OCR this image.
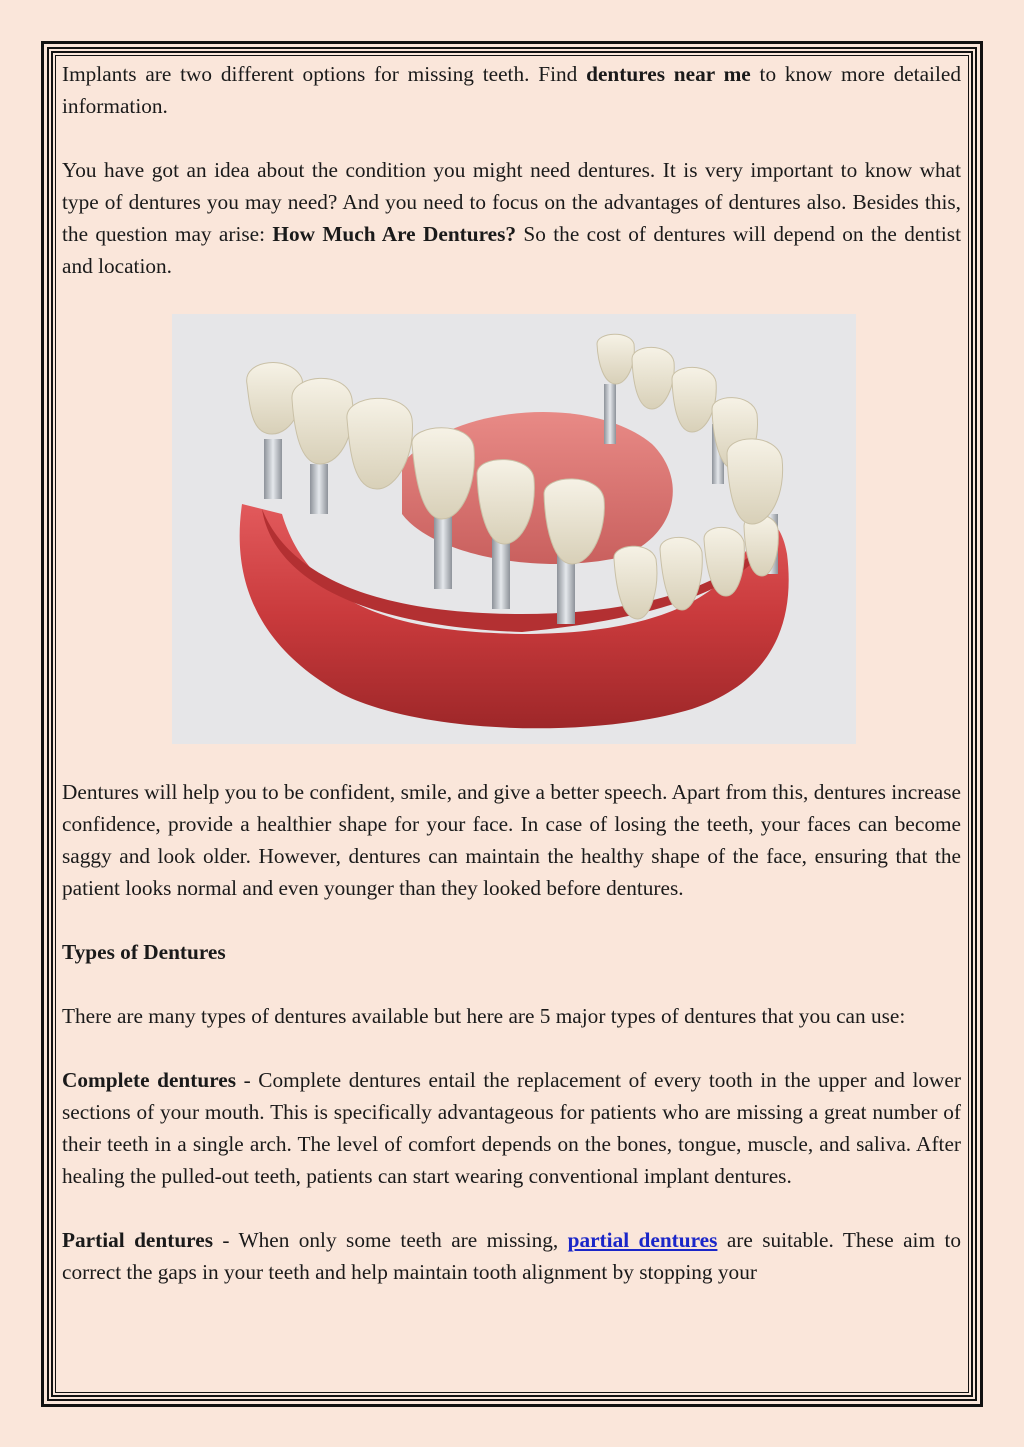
Implants are two different options for missing teeth. Find dentures near me to know more detailed information.

You have got an idea about the condition you might need dentures. It is very important to know what type of dentures you may need? And you need to focus on the advantages of dentures also. Besides this, the question may arise: How Much Are Dentures? So the cost of dentures will depend on the dentist and location.

Dentures will help you to be confident, smile, and give a better speech. Apart from this, dentures increase confidence, provide a healthier shape for your face. In case of losing the teeth, your faces can become saggy and look older. However, dentures can maintain the healthy shape of the face, ensuring that the patient looks normal and even younger than they looked before dentures.

Types of Dentures

There are many types of dentures available but here are 5 major types of dentures that you can use:

Complete dentures - Complete dentures entail the replacement of every tooth in the upper and lower sections of your mouth. This is specifically advantageous for patients who are missing a great number of their teeth in a single arch. The level of comfort depends on the bones, tongue, muscle, and saliva. After healing the pulled-out teeth, patients can start wearing conventional implant dentures.

Partial dentures - When only some teeth are missing, partial dentures are suitable. These aim to correct the gaps in your teeth and help maintain tooth alignment by stopping your
